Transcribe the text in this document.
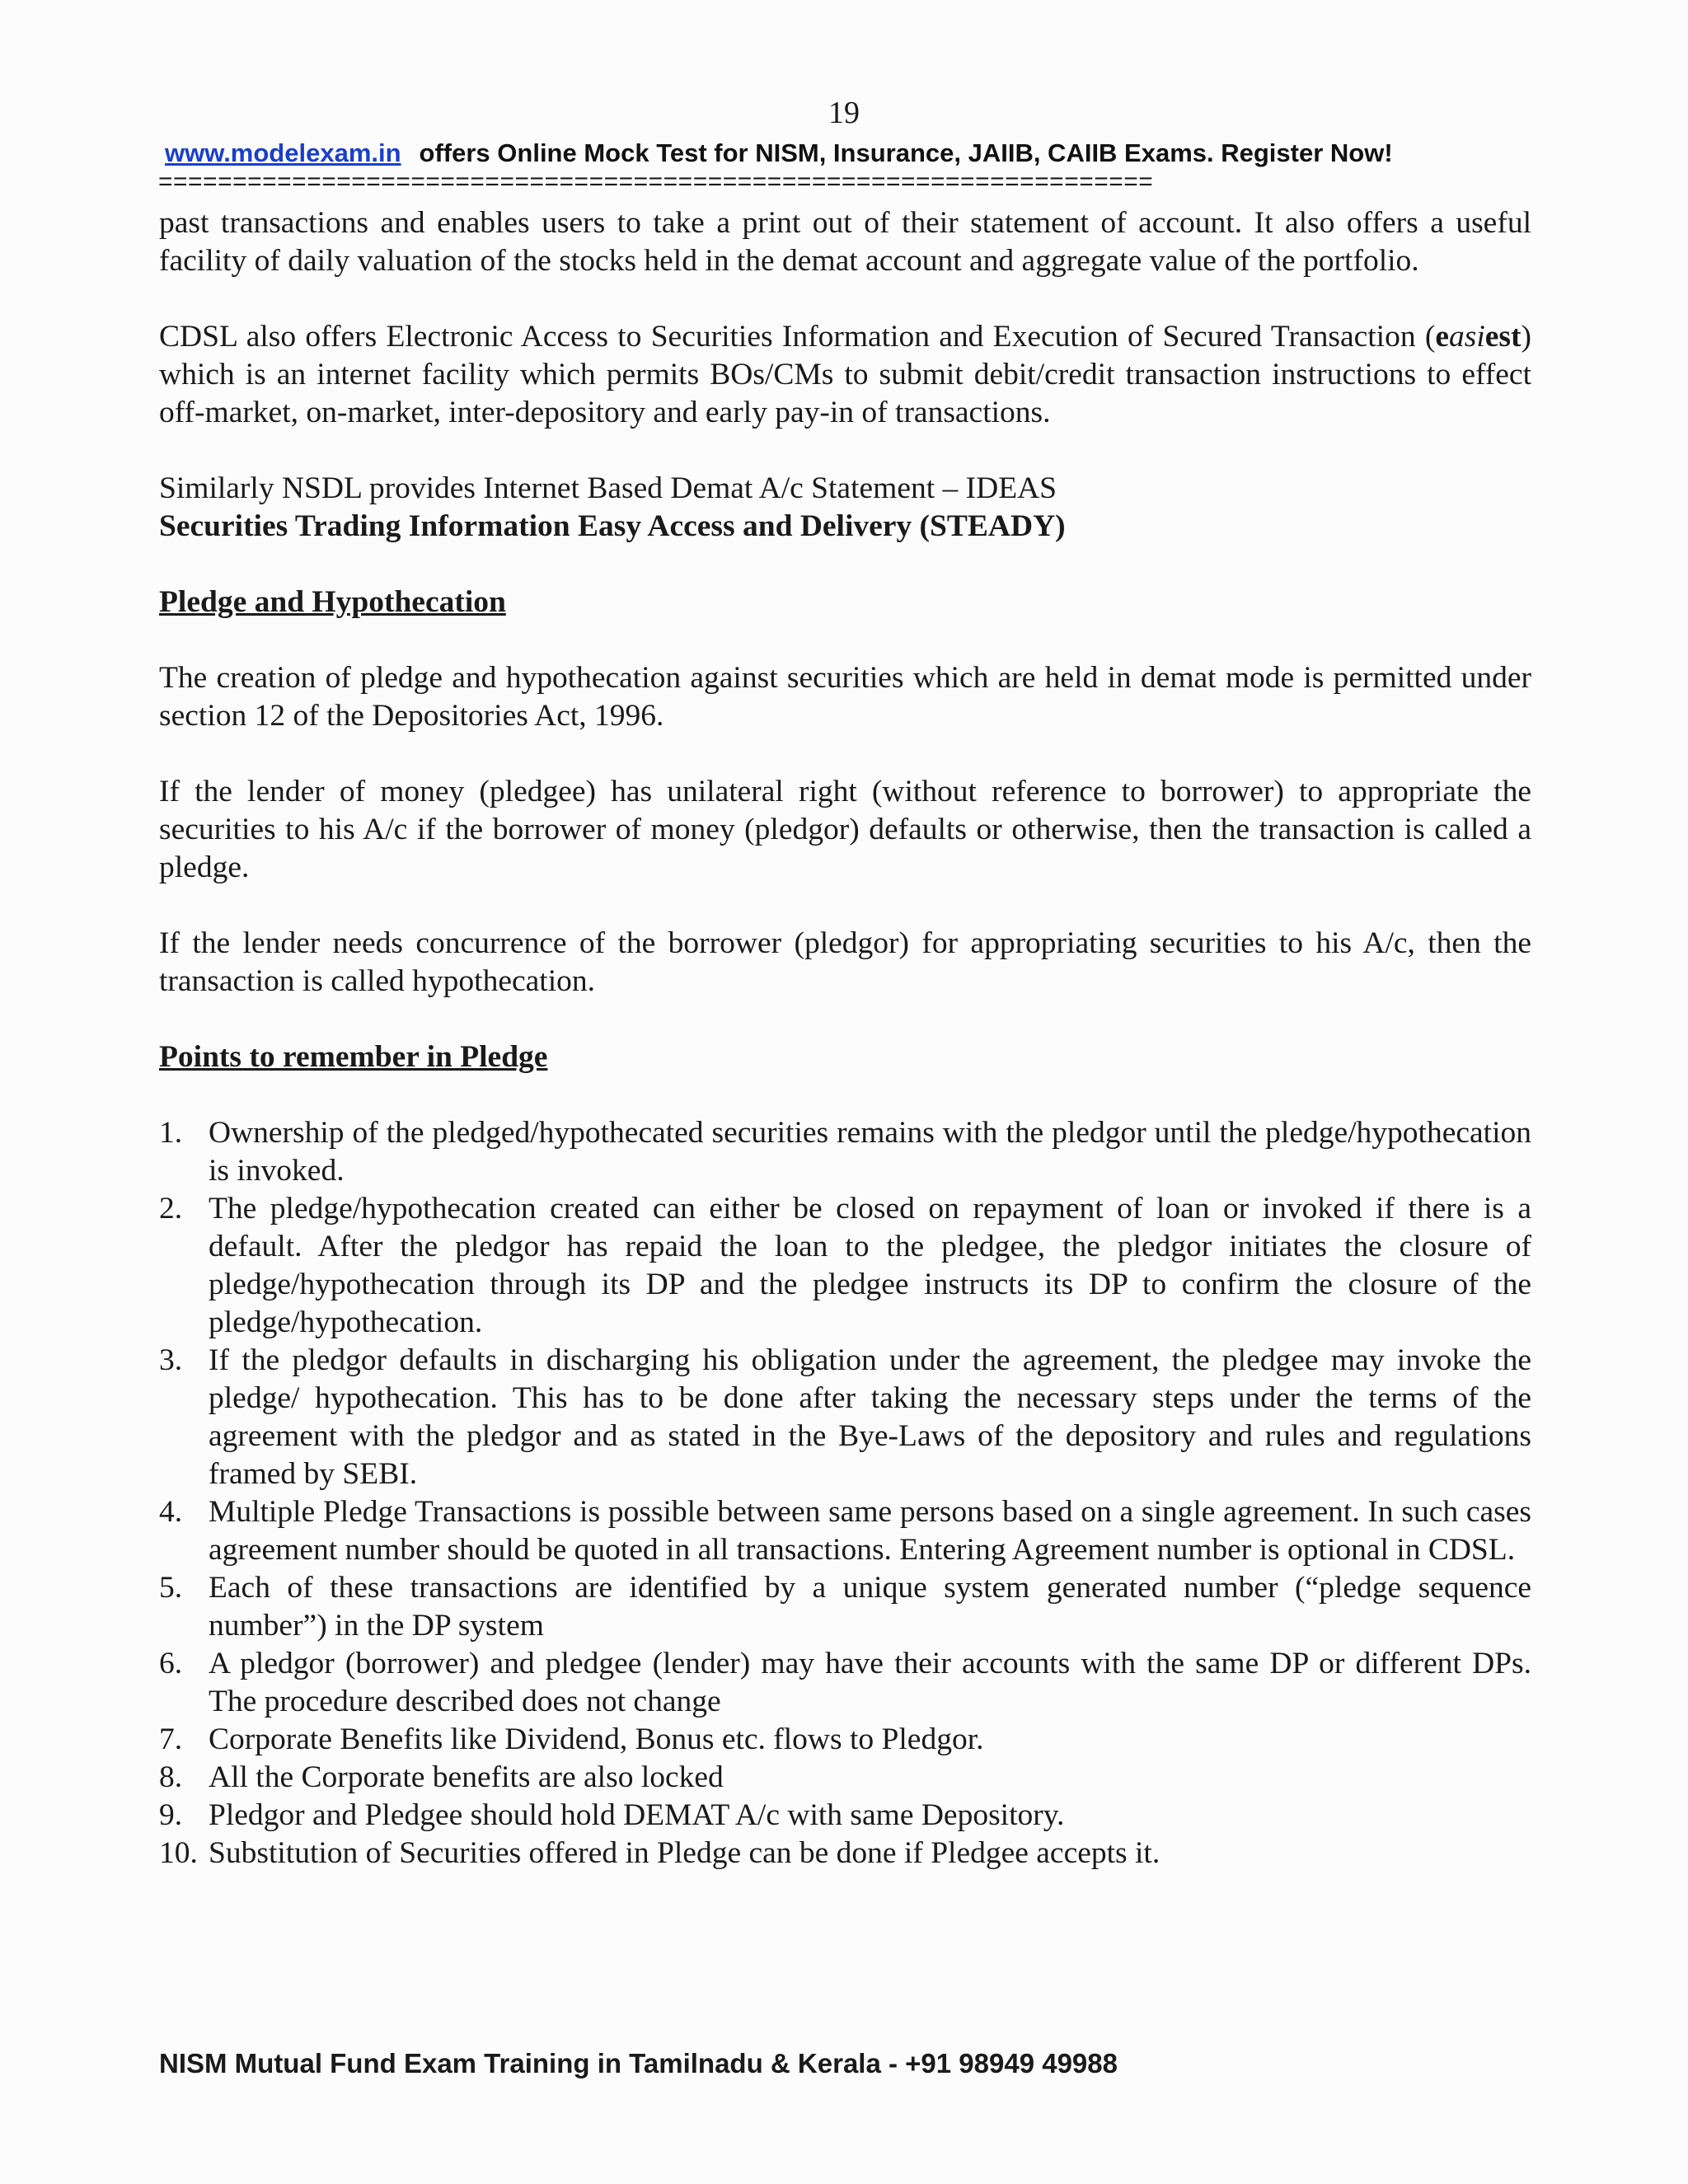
19
www.modelexam.in offers Online Mock Test for NISM, Insurance, JAIIB, CAIIB Exams. Register Now!
===================================================================

past transactions and enables users to take a print out of their statement of account. It also offers a useful facility of daily valuation of the stocks held in the demat account and aggregate value of the portfolio.

CDSL also offers Electronic Access to Securities Information and Execution of Secured Transaction (easiest) which is an internet facility which permits BOs/CMs to submit debit/credit transaction instructions to effect off-market, on-market, inter-depository and early pay-in of transactions.

Similarly NSDL provides Internet Based Demat A/c Statement – IDEAS

Securities Trading Information Easy Access and Delivery (STEADY)

Pledge and Hypothecation

The creation of pledge and hypothecation against securities which are held in demat mode is permitted under section 12 of the Depositories Act, 1996.

If the lender of money (pledgee) has unilateral right (without reference to borrower) to appropriate the securities to his A/c if the borrower of money (pledgor) defaults or otherwise, then the transaction is called a pledge.

If the lender needs concurrence of the borrower (pledgor) for appropriating securities to his A/c, then the transaction is called hypothecation.

Points to remember in Pledge
1. Ownership of the pledged/hypothecated securities remains with the pledgor until the pledge/hypothecation is invoked.
2. The pledge/hypothecation created can either be closed on repayment of loan or invoked if there is a default. After the pledgor has repaid the loan to the pledgee, the pledgor initiates the closure of pledge/hypothecation through its DP and the pledgee instructs its DP to confirm the closure of the pledge/hypothecation.
3. If the pledgor defaults in discharging his obligation under the agreement, the pledgee may invoke the pledge/ hypothecation. This has to be done after taking the necessary steps under the terms of the agreement with the pledgor and as stated in the Bye-Laws of the depository and rules and regulations framed by SEBI.
4. Multiple Pledge Transactions is possible between same persons based on a single agreement. In such cases agreement number should be quoted in all transactions. Entering Agreement number is optional in CDSL.
5. Each of these transactions are identified by a unique system generated number (“pledge sequence number”) in the DP system
6. A pledgor (borrower) and pledgee (lender) may have their accounts with the same DP or different DPs. The procedure described does not change
7. Corporate Benefits like Dividend, Bonus etc. flows to Pledgor.
8. All the Corporate benefits are also locked
9. Pledgor and Pledgee should hold DEMAT A/c with same Depository.
10. Substitution of Securities offered in Pledge can be done if Pledgee accepts it.
NISM Mutual Fund Exam Training in Tamilnadu & Kerala - +91 98949 49988
